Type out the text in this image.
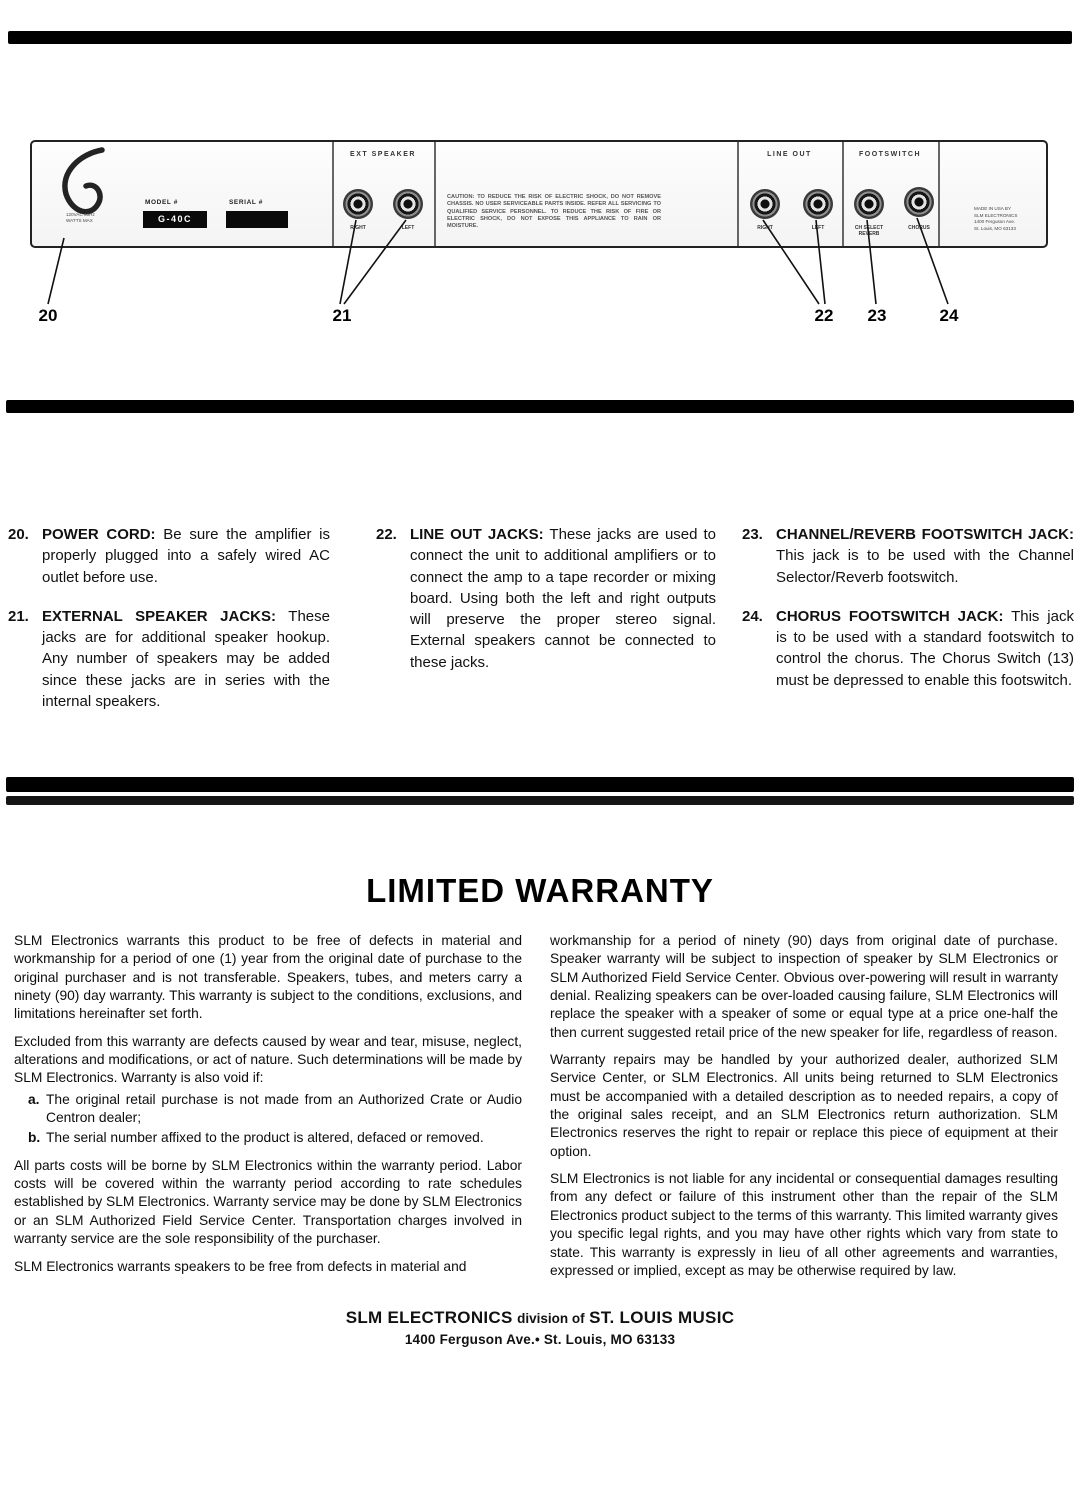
120VAC 60Hz
WATTS MAX
MODEL #
G-40C
SERIAL #
EXT SPEAKER	LINE OUT	FOOTSWITCH
RIGHT	LEFT	RIGHT	LEFT	CH SELECT REVERB
CHORUS
CAUTION: TO REDUCE THE RISK OF ELECTRIC SHOCK, DO NOT REMOVE CHASSIS. NO USER SERVICEABLE PARTS INSIDE. REFER ALL SERVICING TO QUALIFIED SERVICE PERSONNEL. TO REDUCE THE RISK OF FIRE OR ELECTRIC SHOCK, DO NOT EXPOSE THIS APPLIANCE TO RAIN OR MOISTURE.
MADE IN USA BY
SLM ELECTRONICS
1400 Ferguson Ave.
St. Louis, MO 63133
20	21	22 23	24
20. POWER CORD: Be sure the amplifier is properly plugged into a safely wired AC outlet before use.

21. EXTERNAL SPEAKER JACKS: These jacks are for additional speaker hookup. Any number of speakers may be added since these jacks are in series with the internal speakers.

22. LINE OUT JACKS: These jacks are used to connect the unit to additional amplifiers or to connect the amp to a tape recorder or mixing board. Using both the left and right outputs will preserve the proper stereo signal. External speakers cannot be connected to these jacks.

23. CHANNEL/REVERB FOOTSWITCH JACK: This jack is to be used with the Channel Selector/Reverb footswitch.

24. CHORUS FOOTSWITCH JACK: This jack is to be used with a standard footswitch to control the chorus. The Chorus Switch (13) must be depressed to enable this footswitch.

LIMITED WARRANTY

SLM Electronics warrants this product to be free of defects in material and workmanship for a period of one (1) year from the original date of purchase to the original purchaser and is not transferable. Speakers, tubes, and meters carry a ninety (90) day warranty. This warranty is subject to the conditions, exclusions, and limitations hereinafter set forth.

Excluded from this warranty are defects caused by wear and tear, misuse, neglect, alterations and modifications, or act of nature. Such determinations will be made by SLM Electronics. Warranty is also void if:

a. The original retail purchase is not made from an Authorized Crate or Audio Centron dealer;
b. The serial number affixed to the product is altered, defaced or removed.

All parts costs will be borne by SLM Electronics within the warranty period. Labor costs will be covered within the warranty period according to rate schedules established by SLM Electronics. Warranty service may be done by SLM Electronics or an SLM Authorized Field Service Center. Transportation charges involved in warranty service are the sole responsibility of the purchaser.

SLM Electronics warrants speakers to be free from defects in material and

workmanship for a period of ninety (90) days from original date of purchase. Speaker warranty will be subject to inspection of speaker by SLM Electronics or SLM Authorized Field Service Center. Obvious over-powering will result in warranty denial. Realizing speakers can be over-loaded causing failure, SLM Electronics will replace the speaker with a speaker of some or equal type at a price one-half the then current suggested retail price of the new speaker for life, regardless of reason.

Warranty repairs may be handled by your authorized dealer, authorized SLM Service Center, or SLM Electronics. All units being returned to SLM Electronics must be accompanied with a detailed description as to needed repairs, a copy of the original sales receipt, and an SLM Electronics return authorization. SLM Electronics reserves the right to repair or replace this piece of equipment at their option.

SLM Electronics is not liable for any incidental or consequential damages resulting from any defect or failure of this instrument other than the repair of the SLM Electronics product subject to the terms of this warranty. This limited warranty gives you specific legal rights, and you may have other rights which vary from state to state. This warranty is expressly in lieu of all other agreements and warranties, expressed or implied, except as may be otherwise required by law.

SLM ELECTRONICS division of ST. LOUIS MUSIC
1400 Ferguson Ave.• St. Louis, MO 63133
